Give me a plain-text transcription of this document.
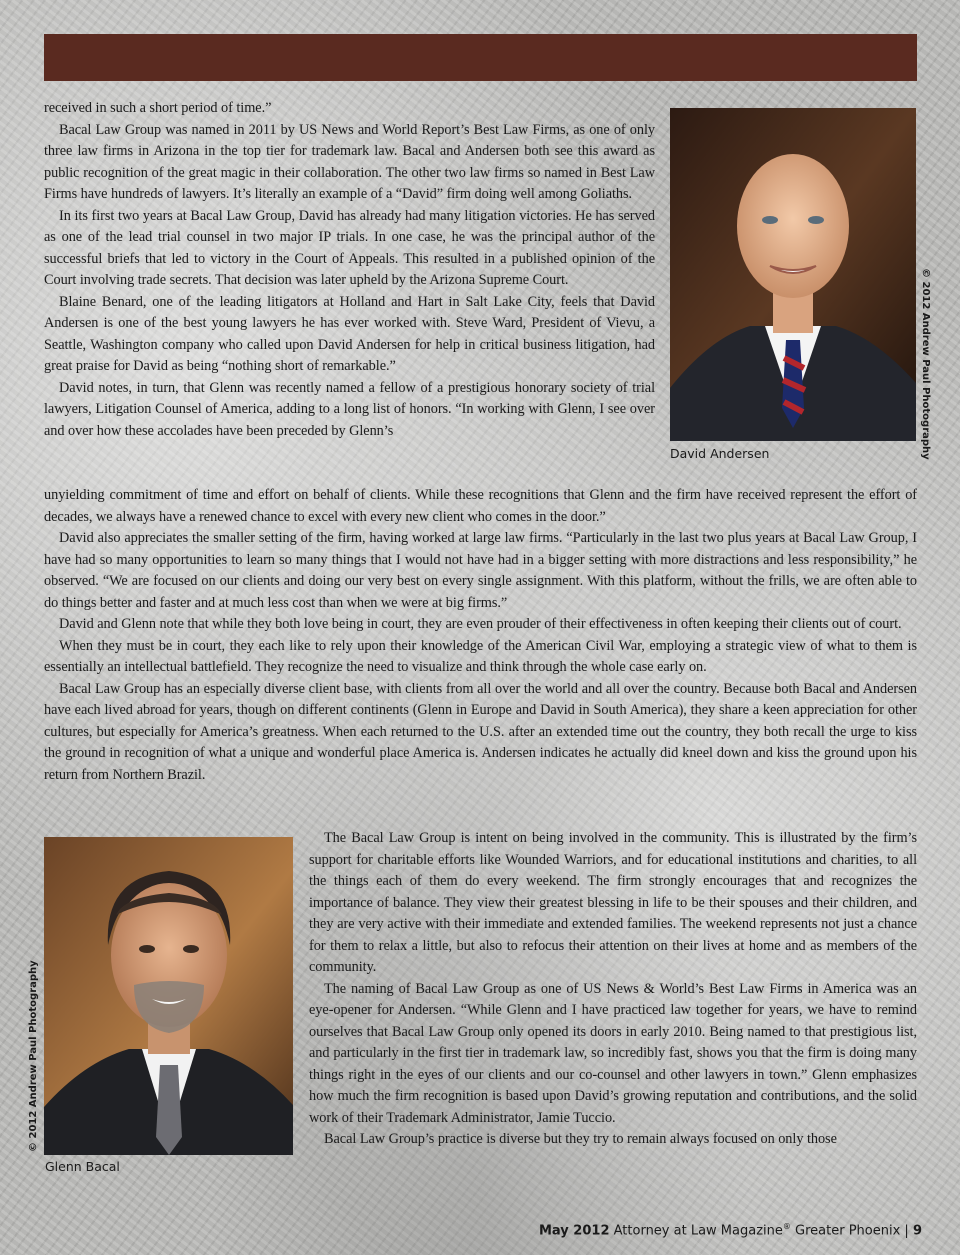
received in such a short period of time.”

Bacal Law Group was named in 2011 by US News and World Report’s Best Law Firms, as one of only three law firms in Arizona in the top tier for trademark law. Bacal and Andersen both see this award as public recognition of the great magic in their collaboration. The other two law firms so named in Best Law Firms have hundreds of lawyers. It’s literally an example of a “David” firm doing well among Goliaths.

In its first two years at Bacal Law Group, David has already had many litigation victories. He has served as one of the lead trial counsel in two major IP trials. In one case, he was the principal author of the successful briefs that led to victory in the Court of Appeals. This resulted in a published opinion of the Court involving trade secrets. That decision was later upheld by the Arizona Supreme Court.

Blaine Benard, one of the leading litigators at Holland and Hart in Salt Lake City, feels that David Andersen is one of the best young lawyers he has ever worked with. Steve Ward, President of Vievu, a Seattle, Washington company who called upon David Andersen for help in critical business litigation, had great praise for David as being “nothing short of remarkable.”

David notes, in turn, that Glenn was recently named a fellow of a prestigious honorary society of trial lawyers, Litigation Counsel of America, adding to a long list of honors. “In working with Glenn, I see over and over how these accolades have been preceded by Glenn’s

David Andersen	© 2012 Andrew Paul Photography

unyielding commitment of time and effort on behalf of clients. While these recognitions that Glenn and the firm have received represent the effort of decades, we always have a renewed chance to excel with every new client who comes in the door.”

David also appreciates the smaller setting of the firm, having worked at large law firms. “Particularly in the last two plus years at Bacal Law Group, I have had so many opportunities to learn so many things that I would not have had in a bigger setting with more distractions and less responsibility,” he observed. “We are focused on our clients and doing our very best on every single assignment. With this platform, without the frills, we are often able to do things better and faster and at much less cost than when we were at big firms.”

David and Glenn note that while they both love being in court, they are even prouder of their effectiveness in often keeping their clients out of court.

When they must be in court, they each like to rely upon their knowledge of the American Civil War, employing a strategic view of what to them is essentially an intellectual battlefield. They recognize the need to visualize and think through the whole case early on.

Bacal Law Group has an especially diverse client base, with clients from all over the world and all over the country. Because both Bacal and Andersen have each lived abroad for years, though on different continents (Glenn in Europe and David in South America), they share a keen appreciation for other cultures, but especially for America’s greatness. When each returned to the U.S. after an extended time out the country, they both recall the urge to kiss the ground in recognition of what a unique and wonderful place America is. Andersen indicates he actually did kneel down and kiss the ground upon his return from Northern Brazil.

Glenn Bacal
© 2012 Andrew Paul Photography

The Bacal Law Group is intent on being involved in the community. This is illustrated by the firm’s support for charitable efforts like Wounded Warriors, and for educational institutions and charities, to all the things each of them do every weekend. The firm strongly encourages that and recognizes the importance of balance. They view their greatest blessing in life to be their spouses and their children, and they are very active with their immediate and extended families. The weekend represents not just a chance for them to relax a little, but also to refocus their attention on their lives at home and as members of the community.

The naming of Bacal Law Group as one of US News & World’s Best Law Firms in America was an eye-opener for Andersen. “While Glenn and I have practiced law together for years, we have to remind ourselves that Bacal Law Group only opened its doors in early 2010. Being named to that prestigious list, and particularly in the first tier in trademark law, so incredibly fast, shows you that the firm is doing many things right in the eyes of our clients and our co-counsel and other lawyers in town.” Glenn emphasizes how much the firm recognition is based upon David’s growing reputation and contributions, and the solid work of their Trademark Administrator, Jamie Tuccio.

Bacal Law Group’s practice is diverse but they try to remain always focused on only those

May 2012 Attorney at Law Magazine® Greater Phoenix | 9
